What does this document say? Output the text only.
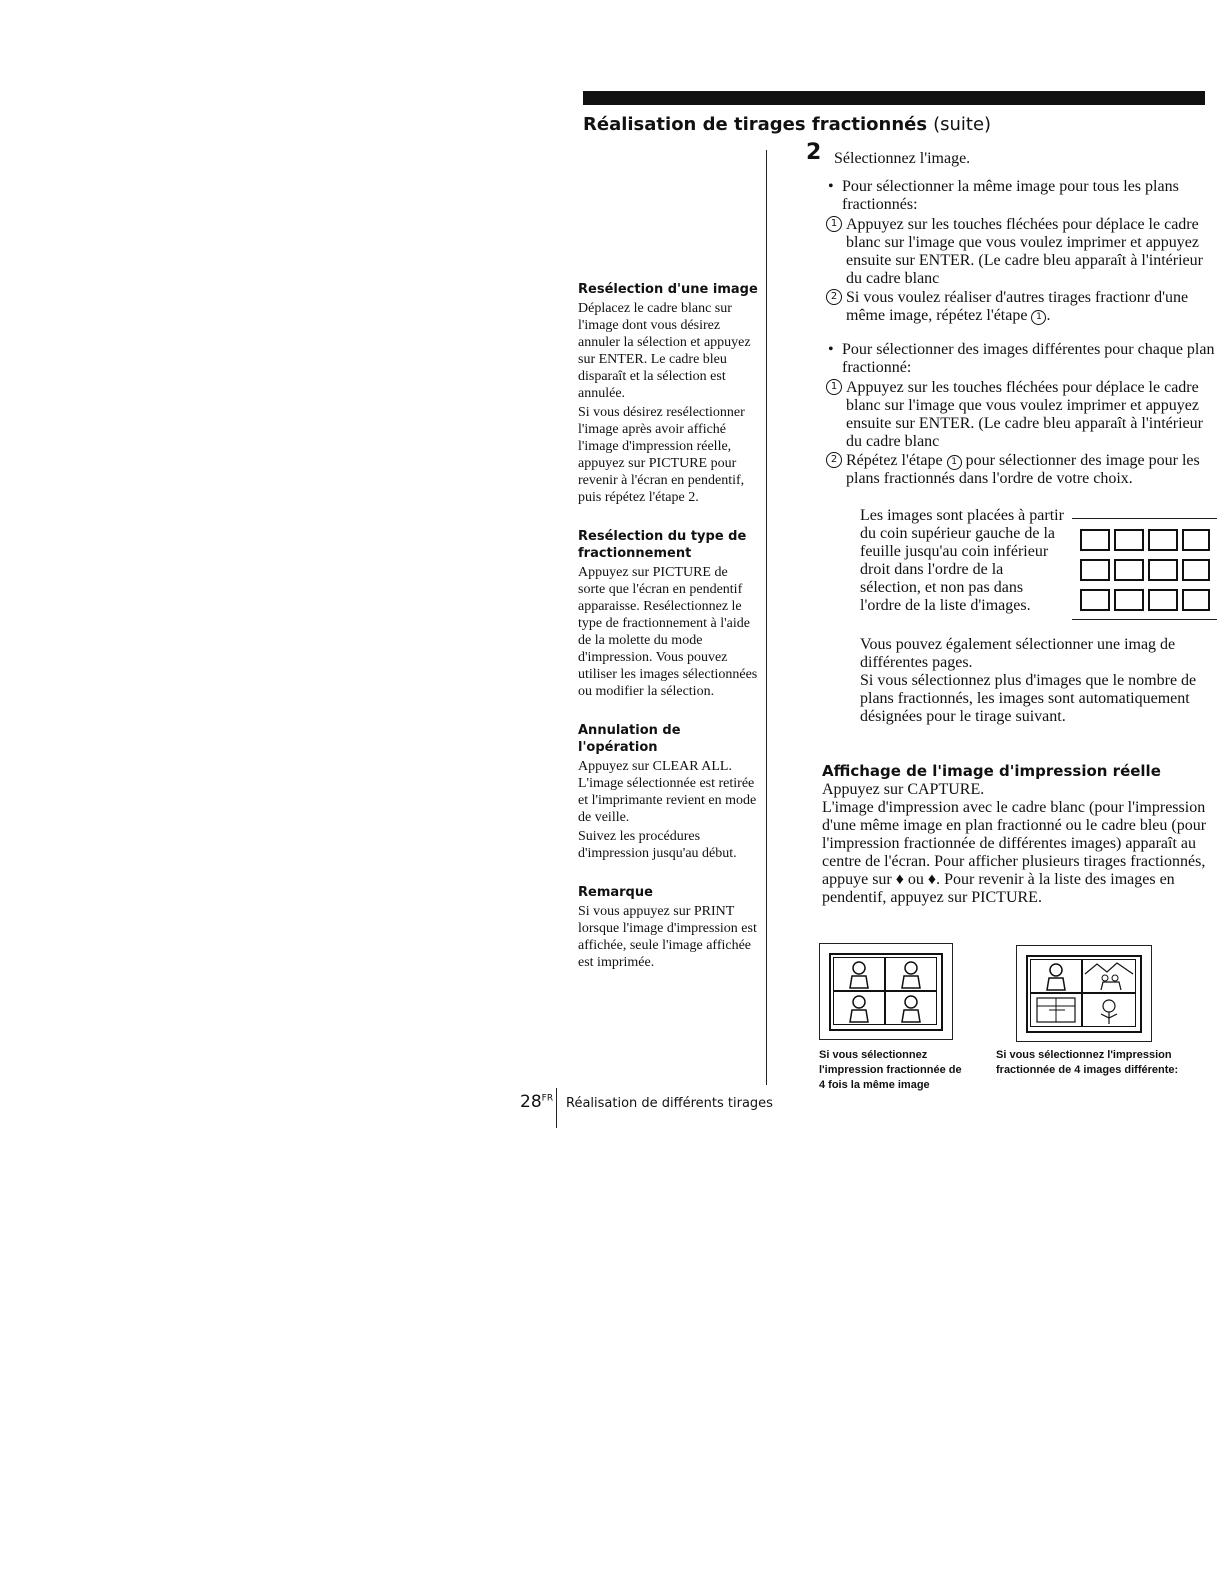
Réalisation de tirages fractionnés (suite)
Resélection d'une image

Déplacez le cadre blanc sur l'image dont vous désirez annuler la sélection et appuyez sur ENTER. Le cadre bleu disparaît et la sélection est annulée.

Si vous désirez resélectionner l'image après avoir affiché l'image d'impression réelle, appuyez sur PICTURE pour revenir à l'écran en pendentif, puis répétez l'étape 2.

Resélection du type de fractionnement

Appuyez sur PICTURE de sorte que l'écran en pendentif apparaisse. Resélectionnez le type de fractionnement à l'aide de la molette du mode d'impression. Vous pouvez utiliser les images sélectionnées ou modifier la sélection.

Annulation de l'opération

Appuyez sur CLEAR ALL. L'image sélectionnée est retirée et l'imprimante revient en mode de veille.

Suivez les procédures d'impression jusqu'au début.

Remarque

Si vous appuyez sur PRINT lorsque l'image d'impression est affichée, seule l'image affichée est imprimée.

2 Sélectionnez l'image.
• Pour sélectionner la même image pour tous les plans fractionnés:
1 Appuyez sur les touches fléchées pour déplace le cadre blanc sur l'image que vous voulez imprimer et appuyez ensuite sur ENTER. (Le cadre bleu apparaît à l'intérieur du cadre blanc
2 Si vous voulez réaliser d'autres tirages fractionr d'une même image, répétez l'étape 1 .
• Pour sélectionner des images différentes pour chaque plan fractionné:
1 Appuyez sur les touches fléchées pour déplace le cadre blanc sur l'image que vous voulez imprimer et appuyez ensuite sur ENTER. (Le cadre bleu apparaît à l'intérieur du cadre blanc
2 Répétez l'étape 1 pour sélectionner des image pour les plans fractionnés dans l'ordre de votre choix.
Les images sont placées à partir du coin supérieur gauche de la feuille jusqu'au coin inférieur droit dans l'ordre de la sélection, et non pas dans l'ordre de la liste d'images.
Vous pouvez également sélectionner une imag de différentes pages.
Si vous sélectionnez plus d'images que le nombre de plans fractionnés, les images sont automatiquement désignées pour le tirage suivant.
Affichage de l'image d'impression réelle
Appuyez sur CAPTURE.
L'image d'impression avec le cadre blanc (pour l'impression d'une même image en plan fractionné ou le cadre bleu (pour l'impression fractionnée de différentes images) apparaît au centre de l'écran. Pour afficher plusieurs tirages fractionnés, appuye sur ♦ ou ♦. Pour revenir à la liste des images en pendentif, appuyez sur PICTURE.
Si vous sélectionnez l'impression fractionnée de 4 fois la même image
Si vous sélectionnez l'impression fractionnée de 4 images différente:
$28^{FR}$ Réalisation de différents tirages
